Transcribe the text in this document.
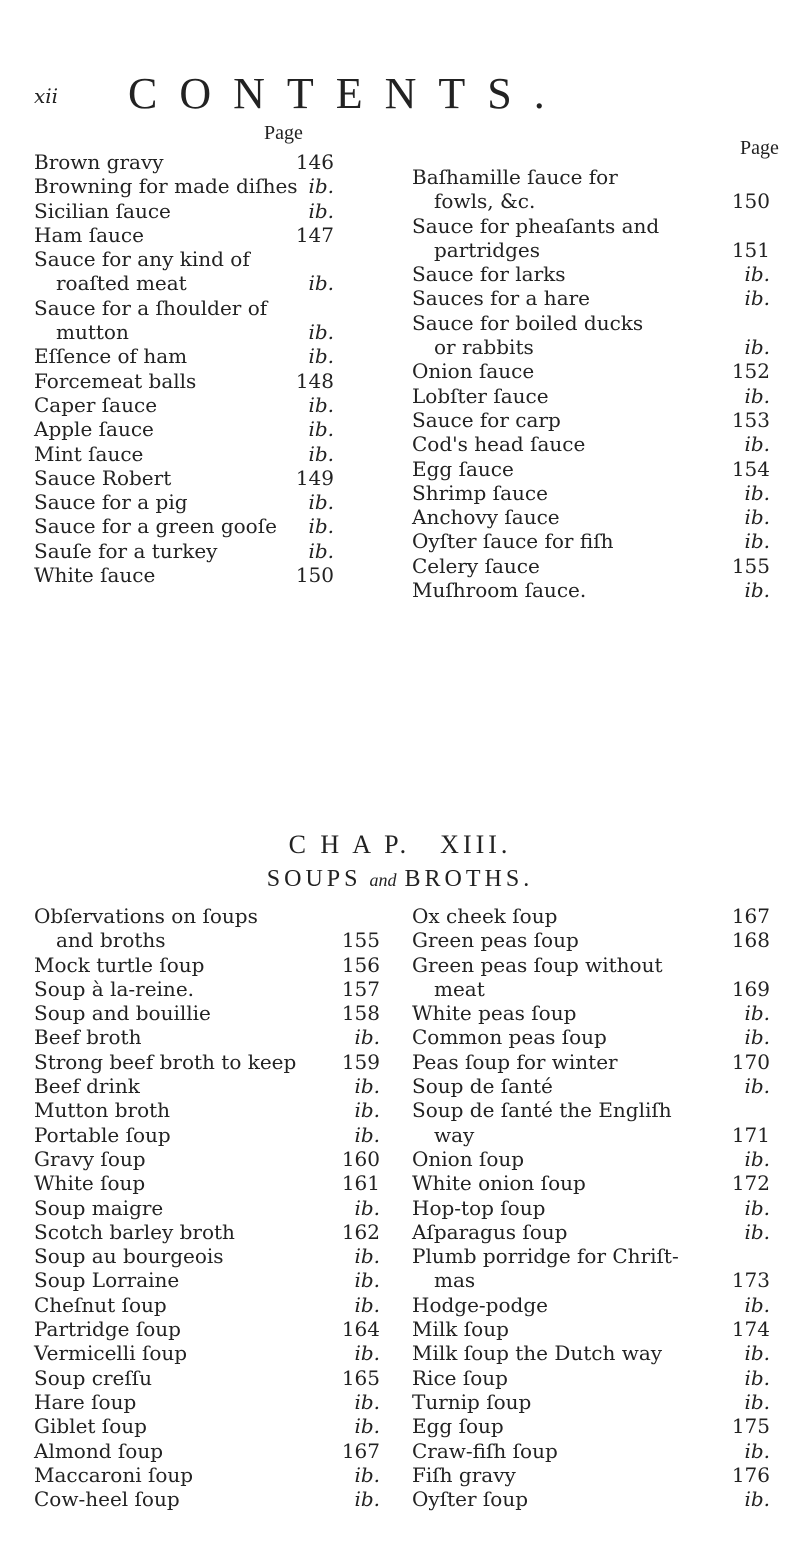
xii CONTENTS.
Page
Page
Brown gravy	146
Browning for made diſhes ib.
Sicilian ſauce	ib.
Ham ſauce	147
Sauce for any kind of
roaſted meat	ib.
Sauce for a ſhoulder of
mutton	ib.
Eſſence of ham	ib.
Forcemeat balls	148
Caper ſauce	ib.
Apple ſauce	ib.
Mint ſauce	ib.
Sauce Robert	149
Sauce for a pig	ib.
Sauce for a green gooſe ib.
Sauſe for a turkey	ib.
White ſauce	150
Baſhamille ſauce for
fowls, &c.	150
Sauce for pheaſants and
partridges	151
Sauce for larks	ib.
Sauces for a hare	ib.
Sauce for boiled ducks
or rabbits	ib.
Onion ſauce	152
Lobſter ſauce	ib.
Sauce for carp	153
Cod's head ſauce	ib.
Egg ſauce	154
Shrimp ſauce	ib.
Anchovy ſauce	ib.
Oyſter ſauce for fiſh	ib.
Celery ſauce	155
Muſhroom ſauce.	ib.
C H A P. XIII.
SOUPS and BROTHS.
Obſervations on ſoups
and broths	155
Mock turtle ſoup	156
Soup à la-reine.	157
Soup and bouillie	158
Beef broth	ib.
Strong beef broth to keep 159
Beef drink	ib.
Mutton broth	ib.
Portable ſoup	ib.
Gravy ſoup	160
White ſoup	161
Soup maigre	ib.
Scotch barley broth	162
Soup au bourgeois	ib.
Soup Lorraine	ib.
Cheſnut ſoup	ib.
Partridge ſoup	164
Vermicelli ſoup	ib.
Soup creſſu	165
Hare ſoup	ib.
Giblet ſoup	ib.
Almond ſoup	167
Maccaroni ſoup	ib.
Cow-heel ſoup	ib.
Ox cheek ſoup	167
Green peas ſoup	168
Green peas ſoup without
meat	169
White peas ſoup	ib.
Common peas ſoup	ib.
Peas ſoup for winter	170
Soup de ſanté	ib.
Soup de ſanté the Engliſh
way	171
Onion ſoup	ib.
White onion ſoup	172
Hop-top ſoup	ib.
Aſparagus ſoup	ib.
Plumb porridge for Chriſt-
mas	173
Hodge-podge	ib.
Milk ſoup	174
Milk ſoup the Dutch way	ib.
Rice ſoup	ib.
Turnip ſoup	ib.
Egg ſoup	175
Craw-fiſh ſoup	ib.
Fiſh gravy	176
Oyſter ſoup	ib.
